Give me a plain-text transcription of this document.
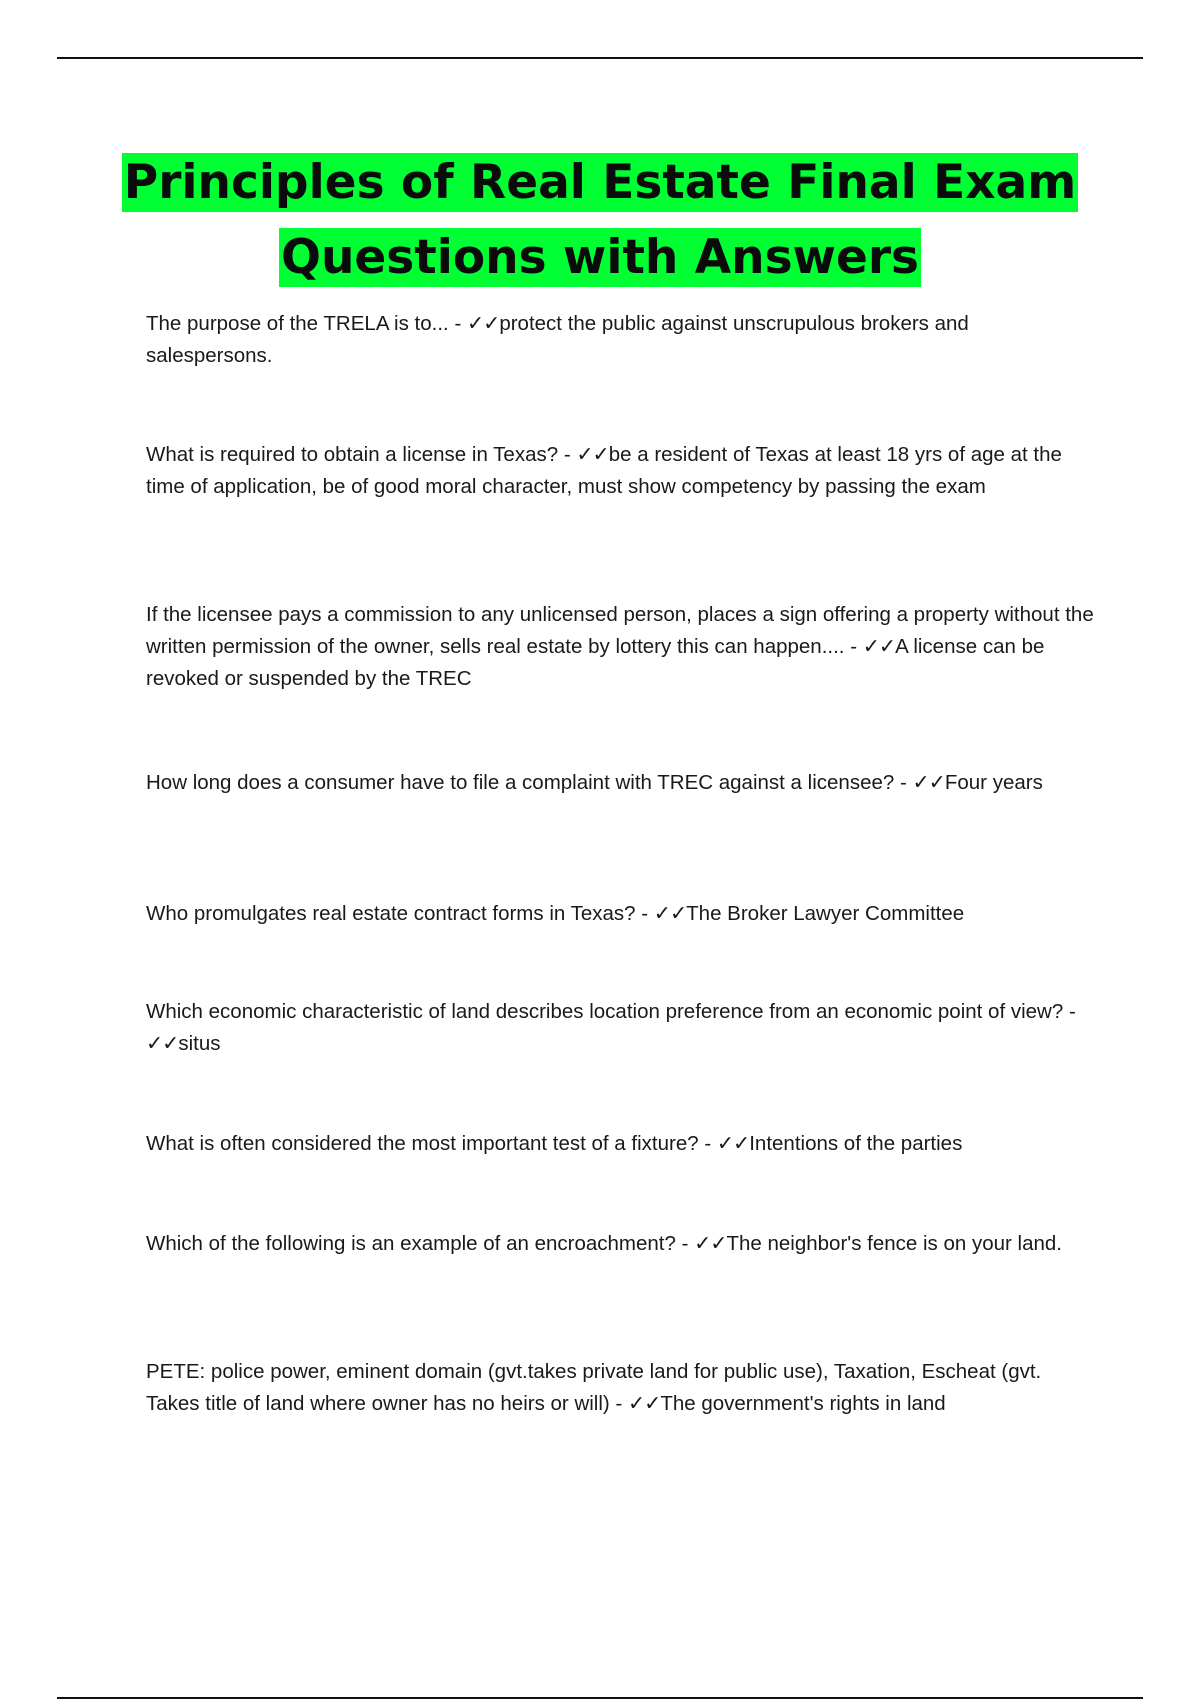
Principles of Real Estate Final Exam
Questions with Answers
The purpose of the TRELA is to... - ✓✓protect the public against unscrupulous brokers and salespersons.
What is required to obtain a license in Texas? - ✓✓be a resident of Texas at least 18 yrs of age at the time of application, be of good moral character, must show competency by passing the exam
If the licensee pays a commission to any unlicensed person, places a sign offering a property without the written permission of the owner, sells real estate by lottery this can happen.... - ✓✓A license can be revoked or suspended by the TREC
How long does a consumer have to file a complaint with TREC against a licensee? - ✓✓Four years
Who promulgates real estate contract forms in Texas? - ✓✓The Broker Lawyer Committee
Which economic characteristic of land describes location preference from an economic point of view? - ✓✓situs
What is often considered the most important test of a fixture? - ✓✓Intentions of the parties
Which of the following is an example of an encroachment? - ✓✓The neighbor's fence is on your land.
PETE: police power, eminent domain (gvt.takes private land for public use), Taxation, Escheat (gvt. Takes title of land where owner has no heirs or will) - ✓✓The government's rights in land
